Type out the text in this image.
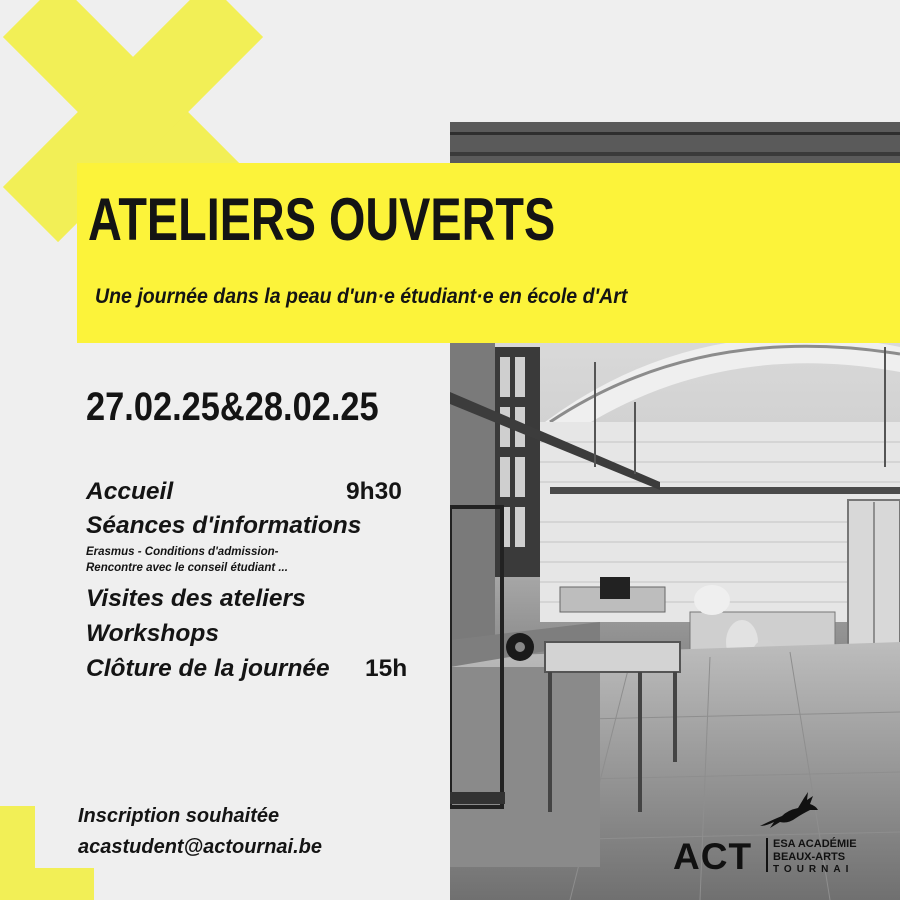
ATELIERS OUVERTS
Une journée dans la peau d'un·e étudiant·e en école d'Art
27.02.25&28.02.25
Accueil	9h30
Séances d'informations
Erasmus - Conditions d'admission-
Rencontre avec le conseil étudiant ...
Visites des ateliers
Workshops
Clôture de la journée 15h
Inscription souhaitée
acastudent@actournai.be	ACT ESA ACADÉMIE
BEAUX-ARTS
TOURNAI
